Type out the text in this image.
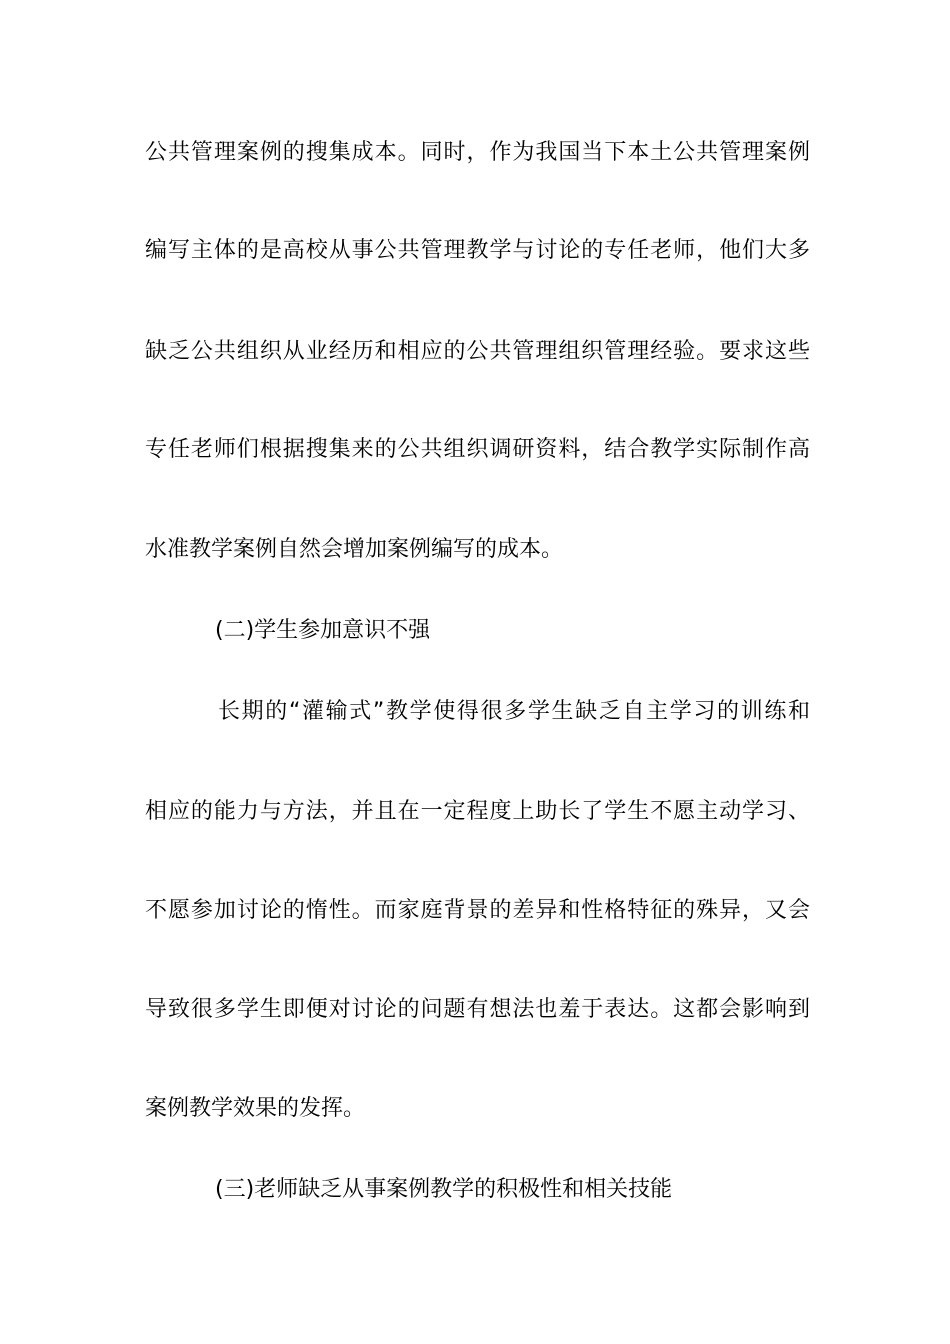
公共管理案例的搜集成本。同时，作为我国当下本土公共管理案例
编写主体的是高校从事公共管理教学与讨论的专任老师，他们大多
缺乏公共组织从业经历和相应的公共管理组织管理经验。要求这些
专任老师们根据搜集来的公共组织调研资料，结合教学实际制作高
水准教学案例自然会增加案例编写的成本。
(二)学生参加意识不强
长期的“灌输式”教学使得很多学生缺乏自主学习的训练和
相应的能力与方法，并且在一定程度上助长了学生不愿主动学习、
不愿参加讨论的惰性。而家庭背景的差异和性格特征的殊异，又会
导致很多学生即便对讨论的问题有想法也羞于表达。这都会影响到
案例教学效果的发挥。
(三)老师缺乏从事案例教学的积极性和相关技能
